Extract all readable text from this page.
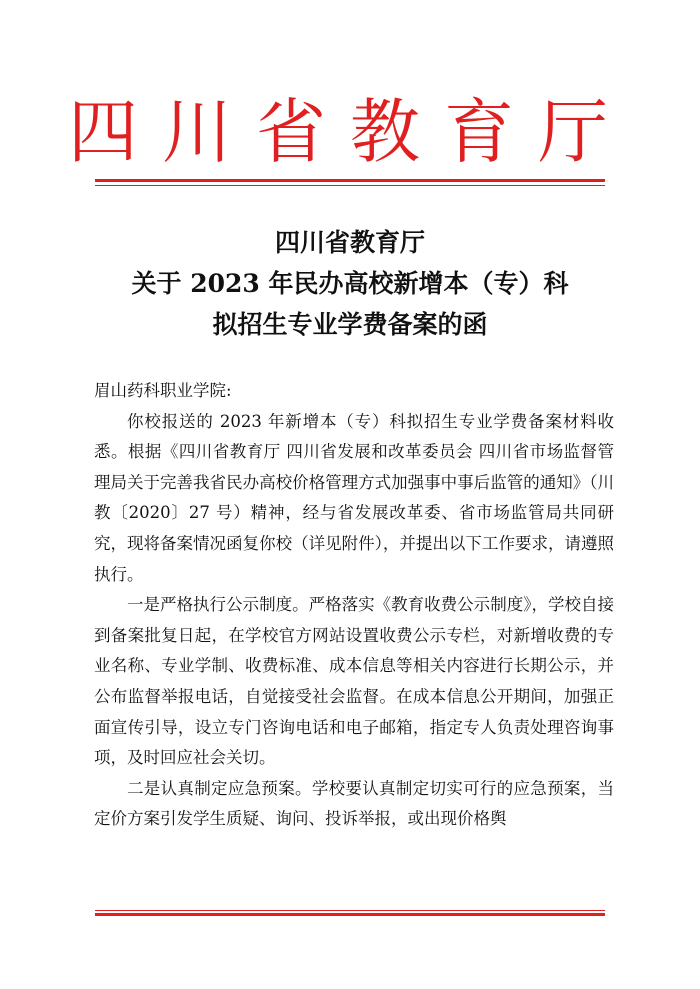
四川省教育厅
四川省教育厅
关于 2023 年民办高校新增本（专）科
拟招生专业学费备案的函

眉山药科职业学院:

你校报送的 2023 年新增本（专）科拟招生专业学费备案材料收悉。根据《四川省教育厅 四川省发展和改革委员会 四川省市场监督管理局关于完善我省民办高校价格管理方式加强事中事后监管的通知》（川教〔2020〕27 号）精神，经与省发展改革委、省市场监管局共同研究，现将备案情况函复你校（详见附件），并提出以下工作要求，请遵照执行。

一是严格执行公示制度。严格落实《教育收费公示制度》，学校自接到备案批复日起，在学校官方网站设置收费公示专栏，对新增收费的专业名称、专业学制、收费标准、成本信息等相关内容进行长期公示，并公布监督举报电话，自觉接受社会监督。在成本信息公开期间，加强正面宣传引导，设立专门咨询电话和电子邮箱，指定专人负责处理咨询事项，及时回应社会关切。

二是认真制定应急预案。学校要认真制定切实可行的应急预案，当定价方案引发学生质疑、询问、投诉举报，或出现价格舆
